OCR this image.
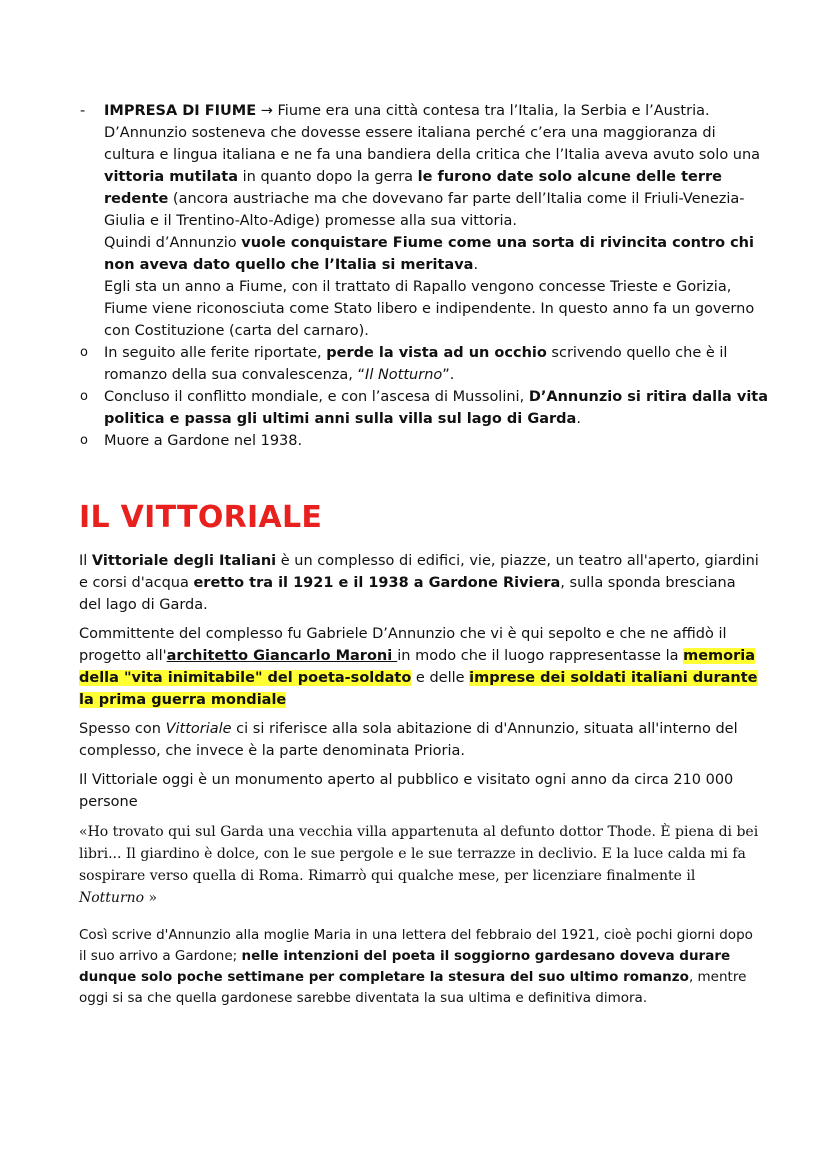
-	IMPRESA DI FIUME → Fiume era una città contesa tra l’Italia, la Serbia e l’Austria. D’Annunzio sosteneva che dovesse essere italiana perché c’era una maggioranza di cultura e lingua italiana e ne fa una bandiera della critica che l’Italia aveva avuto solo una vittoria mutilata in quanto dopo la gerra le furono date solo alcune delle terre redente (ancora austriache ma che dovevano far parte dell’Italia come il Friuli-Venezia-Giulia e il Trentino-Alto-Adige) promesse alla sua vittoria.

Quindi d’Annunzio vuole conquistare Fiume come una sorta di rivincita contro chi non aveva dato quello che l’Italia si meritava.

Egli sta un anno a Fiume, con il trattato di Rapallo vengono concesse Trieste e Gorizia, Fiume viene riconosciuta come Stato libero e indipendente. In questo anno fa un governo con Costituzione (carta del carnaro).

o	In seguito alle ferite riportate, perde la vista ad un occhio scrivendo quello che è il romanzo della sua convalescenza, “Il Notturno”.

o	Concluso il conflitto mondiale, e con l’ascesa di Mussolini, D’Annunzio si ritira dalla vita politica e passa gli ultimi anni sulla villa sul lago di Garda.

o	Muore a Gardone nel 1938.

IL VITTORIALE

Il Vittoriale degli Italiani è un complesso di edifici, vie, piazze, un teatro all'aperto, giardini e corsi d'acqua eretto tra il 1921 e il 1938 a Gardone Riviera, sulla sponda bresciana del lago di Garda.

Committente del complesso fu Gabriele D’Annunzio che vi è qui sepolto e che ne affidò il progetto all'architetto Giancarlo Maroni in modo che il luogo rappresentasse la memoria della "vita inimitabile" del poeta-soldato e delle imprese dei soldati italiani durante la prima guerra mondiale

Spesso con Vittoriale ci si riferisce alla sola abitazione di d'Annunzio, situata all'interno del complesso, che invece è la parte denominata Prioria.

Il Vittoriale oggi è un monumento aperto al pubblico e visitato ogni anno da circa 210 000 persone

«Ho trovato qui sul Garda una vecchia villa appartenuta al defunto dottor Thode. È piena di bei libri... Il giardino è dolce, con le sue pergole e le sue terrazze in declivio. E la luce calda mi fa sospirare verso quella di Roma. Rimarrò qui qualche mese, per licenziare finalmente il Notturno »

Così scrive d'Annunzio alla moglie Maria in una lettera del febbraio del 1921, cioè pochi giorni dopo il suo arrivo a Gardone; nelle intenzioni del poeta il soggiorno gardesano doveva durare dunque solo poche settimane per completare la stesura del suo ultimo romanzo, mentre oggi si sa che quella gardonese sarebbe diventata la sua ultima e definitiva dimora.
